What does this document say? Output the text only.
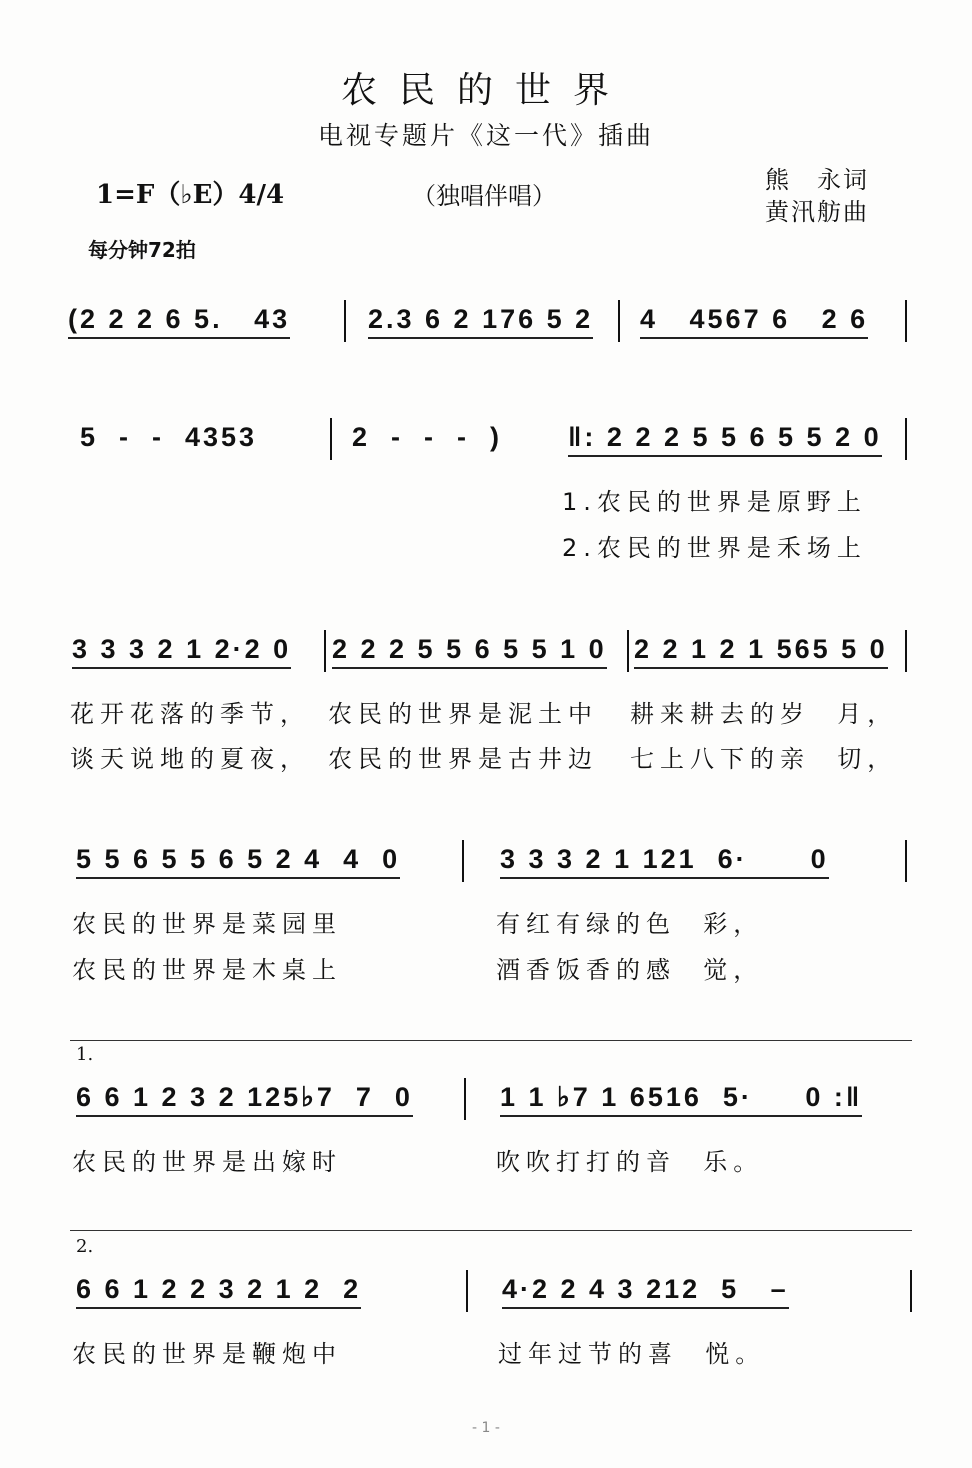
农民的世界
电视专题片《这一代》插曲
1=F（♭E）4/4	（独唱伴唱）
熊　永词
黄汛舫曲
每分钟72拍
(2 2 2 6 5.   43	2.3 6 2 176 5 2 4   4567 6   2 6
5  -  -  4353	2  -  -  -  ) ‖: 2 2 2 5 5 6 5 5 2 0
1.农民的世界是原野上
2.农民的世界是禾场上
3 3 3 2 1 2·2 0 2 2 2 5 5 6 5 5 1 0 2 2 1 2 1 565 5 0
花开花落的季节， 农民的世界是泥土中 耕来耕去的岁  月，
谈天说地的夏夜， 农民的世界是古井边 七上八下的亲  切，
5 5 6 5 5 6 5 2 4  4  0	3 3 3 2 1 121  6·      0
农民的世界是菜园里	有红有绿的色  彩，
农民的世界是木桌上	酒香饭香的感  觉，
1.
6 6 1 2 3 2 125♭7  7  0	1 1 ♭7 1 6516  5·     0 :‖
农民的世界是出嫁时	吹吹打打的音  乐。
2.
6 6 1 2 2 3 2 1 2  2	4·2 2 4 3 212  5   –
农民的世界是鞭炮中	过年过节的喜  悦。
- 1 -
